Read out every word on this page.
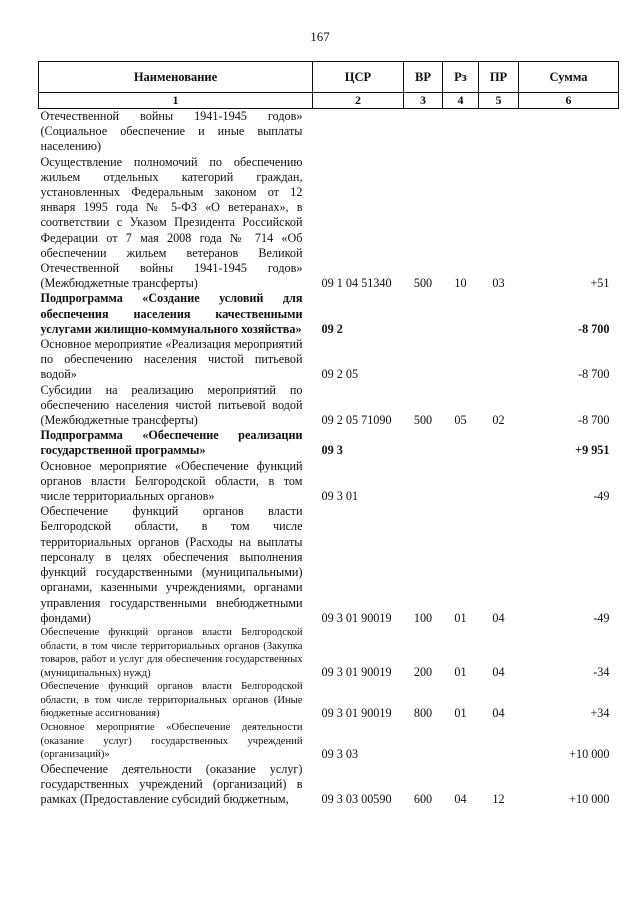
167
Наименование	ЦСР	ВР	Рз	ПР	Сумма
1	2	3	4	5	6
Отечественной войны 1941-1945 годов» (Социальное обеспечение и иные выплаты населению)					
Осуществление полномочий по обеспечению жильем отдельных категорий граждан, установленных Федеральным законом от 12 января 1995 года № 5-ФЗ «О ветеранах», в соответствии с Указом Президента Российской Федерации от 7 мая 2008 года № 714 «Об обеспечении жильем ветеранов Великой Отечественной войны 1941-1945 годов» (Межбюджетные трансферты)	09 1 04 51340	500	10	03	+51
Подпрограмма «Создание условий для обеспечения населения качественными услугами жилищно-коммунального хозяйства»	09 2				-8 700
Основное мероприятие «Реализация мероприятий по обеспечению населения чистой питьевой водой»	09 2 05				-8 700
Субсидии на реализацию мероприятий по обеспечению населения чистой питьевой водой (Межбюджетные трансферты)	09 2 05 71090	500	05	02	-8 700
Подпрограмма «Обеспечение реализации государственной программы»	09 3				+9 951
Основное мероприятие «Обеспечение функций органов власти Белгородской области, в том числе территориальных органов»	09 3 01				-49
Обеспечение функций органов власти Белгородской области, в том числе территориальных органов (Расходы на выплаты персоналу в целях обеспечения выполнения функций государственными (муниципальными) органами, казенными учреждениями, органами управления государственными внебюджетными фондами)	09 3 01 90019	100	01	04	-49
Обеспечение функций органов власти Белгородской области, в том числе территориальных органов (Закупка товаров, работ и услуг для обеспечения государственных (муниципальных) нужд)	09 3 01 90019	200	01	04	-34
Обеспечение функций органов власти Белгородской области, в том числе территориальных органов (Иные бюджетные ассигнования)	09 3 01 90019	800	01	04	+34
Основное мероприятие «Обеспечение деятельности (оказание услуг) государственных учреждений (организаций)»	09 3 03				+10 000
Обеспечение деятельности (оказание услуг) государственных учреждений (организаций) в рамках (Предоставление субсидий бюджетным,	09 3 03 00590	600	04	12	+10 000
